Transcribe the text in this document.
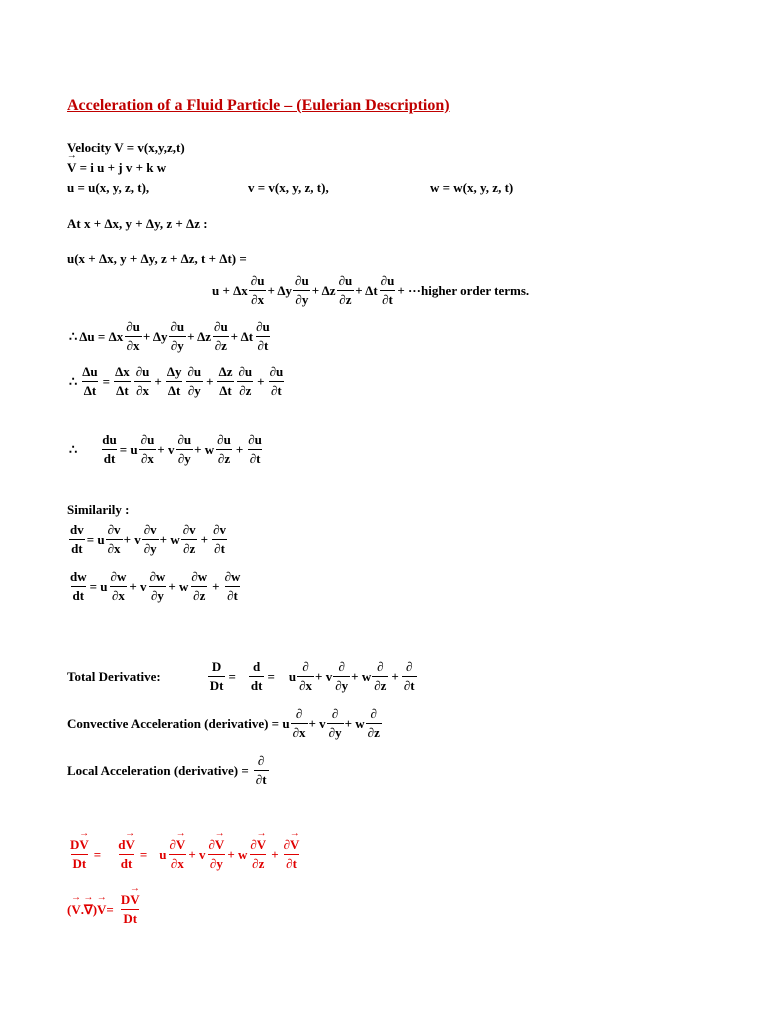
Acceleration of a Fluid Particle – (Eulerian Description)
Velocity V = v(x,y,z,t)
→ V = i u + j v + k w
u = u(x, y, z, t),	v = v(x, y, z, t),	w = w(x, y, z, t)
At x + Δx, y + Δy, z + Δz :
u(x + Δx, y + Δy, z + Δz, t + Δt) =
u + Δx $\frac{\partial u}{\partial x} + \Delta y \frac{\partial u}{\partial y} + \Delta z \frac{\partial u}{\partial z} + \Delta t \frac{\partial u}{\partial t}$ + ···higher order terms.
∴ Δu = Δx $\frac{\partial u}{\partial x} + \Delta y \frac{\partial u}{\partial y} + \Delta z \frac{\partial u}{\partial z} + \Delta t \frac{\partial u}{\partial t}$
∴ $\frac{\Delta u}{\Delta t} = \frac{\Delta x}{\Delta t} \frac{\partial u}{\partial x} + \frac{\Delta y}{\Delta t} \frac{\partial u}{\partial y} + \frac{\Delta z}{\Delta t} \frac{\partial u}{\partial z} + \frac{\partial u}{\partial t}$
∴ $\frac{du}{dt} = u \frac{\partial u}{\partial x} + v \frac{\partial u}{\partial y} + w \frac{\partial u}{\partial z} + \frac{\partial u}{\partial t}$
Similarily :
$\frac{dv}{dt} = u \frac{\partial v}{\partial x} + v \frac{\partial v}{\partial y} + w \frac{\partial v}{\partial z} + \frac{\partial v}{\partial t}$
$\frac{dw}{dt} = u \frac{\partial w}{\partial x} + v \frac{\partial w}{\partial y} + w \frac{\partial w}{\partial z} + \frac{\partial w}{\partial t}$
Total Derivative:	$\frac{D}{Dt} = \frac{d}{dt} = u \frac{\partial}{\partial x} + v \frac{\partial}{\partial y} + w \frac{\partial}{\partial z} + \frac{\partial}{\partial t}$
Convective Acceleration (derivative) = u $\frac{\partial}{\partial x} + v \frac{\partial}{\partial y} + w \frac{\partial}{\partial z}$
Local Acceleration (derivative) = $\frac{\partial}{\partial t}$
$\frac{D\to V}{Dt} = \frac{d\to V}{dt} = u \frac{\partial\to V}{\partial x} + v \frac{\partial\to V}{\partial y} + w \frac{\partial\to V}{\partial z} + \frac{\partial\to V}{\partial t}$
( → V . → ∇ ) → $V = \frac{D\to V}{Dt}$
